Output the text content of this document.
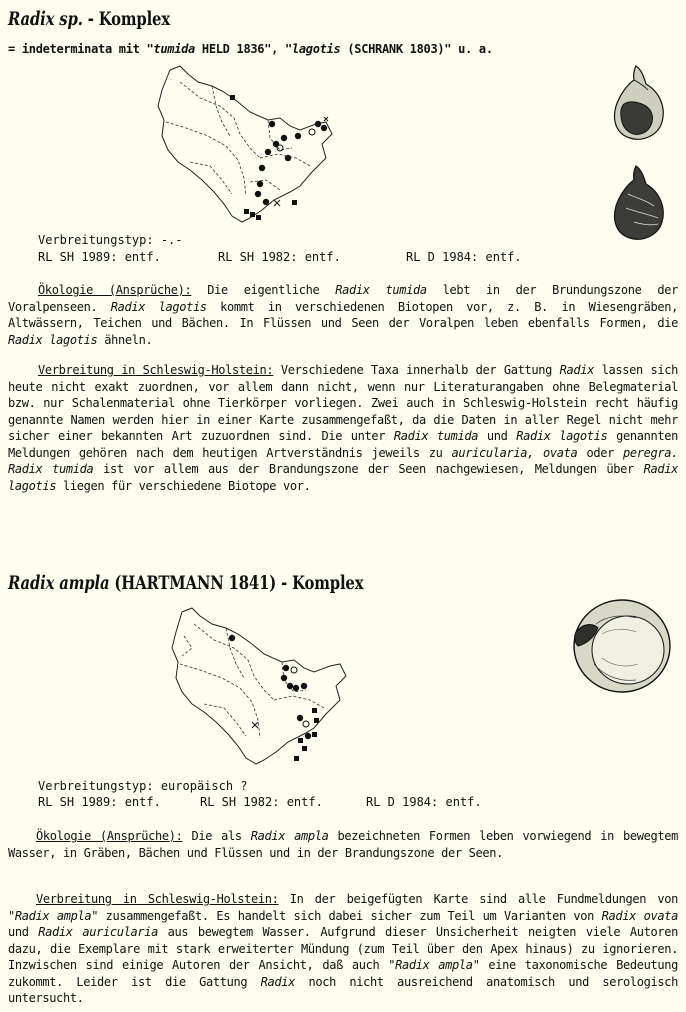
Radix sp. - Komplex
= indeterminata mit "tumida HELD 1836", "lagotis (SCHRANK 1803)" u. a.
Verbreitungstyp: -.-
RL SH 1989: entf.	RL SH 1982: entf.	RL D 1984: entf.

Ökologie (Ansprüche): Die eigentliche Radix tumida lebt in der Brundungszone der Voralpenseen. Radix lagotis kommt in verschiedenen Biotopen vor, z. B. in Wiesengräben, Altwässern, Teichen und Bächen. In Flüssen und Seen der Voralpen leben ebenfalls Formen, die Radix lagotis ähneln.

Verbreitung in Schleswig-Holstein: Verschiedene Taxa innerhalb der Gattung Radix lassen sich heute nicht exakt zuordnen, vor allem dann nicht, wenn nur Literaturangaben ohne Belegmaterial bzw. nur Schalenmaterial ohne Tierkörper vorliegen. Zwei auch in Schleswig-Holstein recht häufig genannte Namen werden hier in einer Karte zusammengefaßt, da die Daten in aller Regel nicht mehr sicher einer bekannten Art zuzuordnen sind. Die unter Radix tumida und Radix lagotis genannten Meldungen gehören nach dem heutigen Artverständnis jeweils zu auricularia, ovata oder peregra. Radix tumida ist vor allem aus der Brandungszone der Seen nachgewiesen, Meldungen über Radix lagotis liegen für verschiedene Biotope vor.

Radix ampla (HARTMANN 1841) - Komplex
Verbreitungstyp: europäisch ?
RL SH 1989: entf.	RL SH 1982: entf.	RL D 1984: entf.

Ökologie (Ansprüche): Die als Radix ampla bezeichneten Formen leben vorwiegend in bewegtem Wasser, in Gräben, Bächen und Flüssen und in der Brandungszone der Seen.

Verbreitung in Schleswig-Holstein: In der beigefügten Karte sind alle Fundmeldungen von "Radix ampla" zusammengefaßt. Es handelt sich dabei sicher zum Teil um Varianten von Radix ovata und Radix auricularia aus bewegtem Wasser. Aufgrund dieser Unsicherheit neigten viele Autoren dazu, die Exemplare mit stark erweiterter Mündung (zum Teil über den Apex hinaus) zu ignorieren. Inzwischen sind einige Autoren der Ansicht, daß auch "Radix ampla" eine taxonomische Bedeutung zukommt. Leider ist die Gattung Radix noch nicht ausreichend anatomisch und serologisch untersucht.
